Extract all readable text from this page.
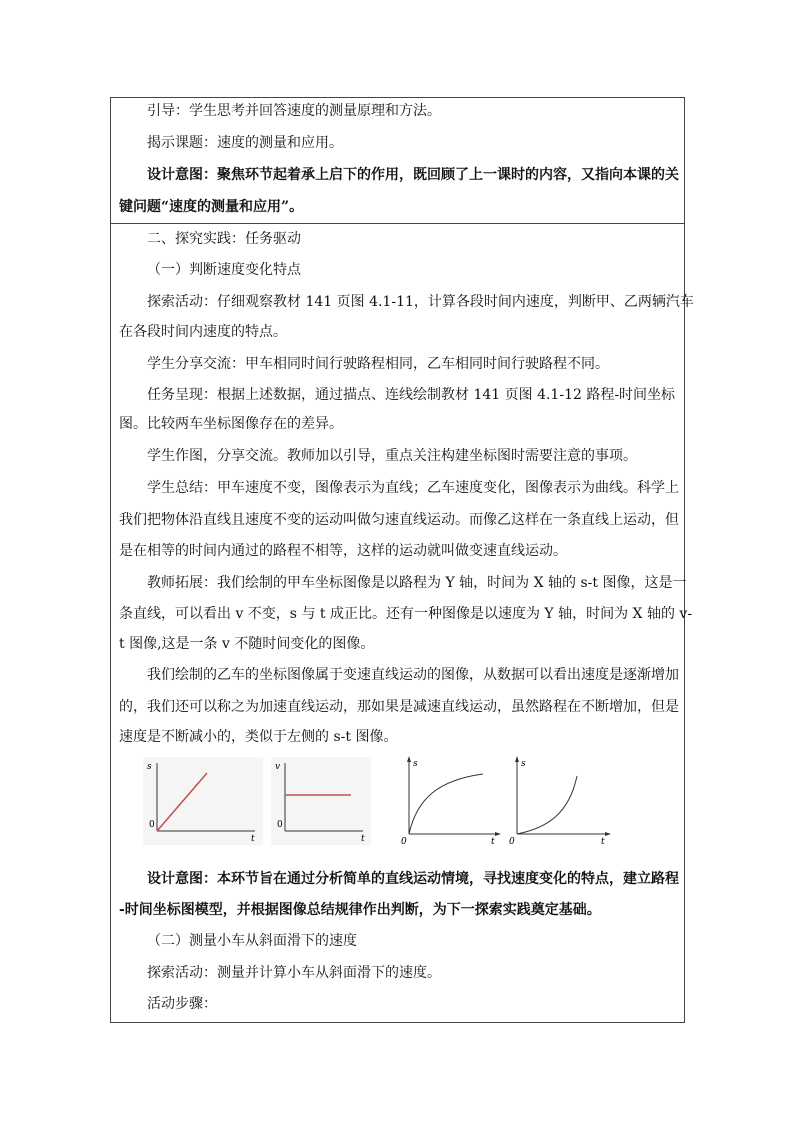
引导：学生思考并回答速度的测量原理和方法。
揭示课题：速度的测量和应用。
设计意图：聚焦环节起着承上启下的作用，既回顾了上一课时的内容，又指向本课的关
键问题“速度的测量和应用”。
二、探究实践：任务驱动
（一）判断速度变化特点
探索活动：仔细观察教材 141 页图 4.1-11，计算各段时间内速度，判断甲、乙两辆汽车
在各段时间内速度的特点。
学生分享交流：甲车相同时间行驶路程相同，乙车相同时间行驶路程不同。
任务呈现：根据上述数据，通过描点、连线绘制教材 141 页图 4.1-12 路程-时间坐标
图。比较两车坐标图像存在的差异。
学生作图，分享交流。教师加以引导，重点关注构建坐标图时需要注意的事项。
学生总结：甲车速度不变，图像表示为直线；乙车速度变化，图像表示为曲线。科学上
我们把物体沿直线且速度不变的运动叫做匀速直线运动。而像乙这样在一条直线上运动，但
是在相等的时间内通过的路程不相等，这样的运动就叫做变速直线运动。
教师拓展：我们绘制的甲车坐标图像是以路程为 Y 轴，时间为 X 轴的 s-t 图像，这是一
条直线，可以看出 v 不变，s 与 t 成正比。还有一种图像是以速度为 Y 轴，时间为 X 轴的 v-
t 图像,这是一条 v 不随时间变化的图像。
我们绘制的乙车的坐标图像属于变速直线运动的图像，从数据可以看出速度是逐渐增加
的，我们还可以称之为加速直线运动，那如果是减速直线运动，虽然路程在不断增加，但是
速度是不断减小的，类似于左侧的 s-t 图像。
s
0
t
v
0
t
s
0	t
s
0	t
设计意图：本环节旨在通过分析简单的直线运动情境，寻找速度变化的特点，建立路程
-时间坐标图模型，并根据图像总结规律作出判断，为下一探索实践奠定基础。
（二）测量小车从斜面滑下的速度
探索活动：测量并计算小车从斜面滑下的速度。
活动步骤：
